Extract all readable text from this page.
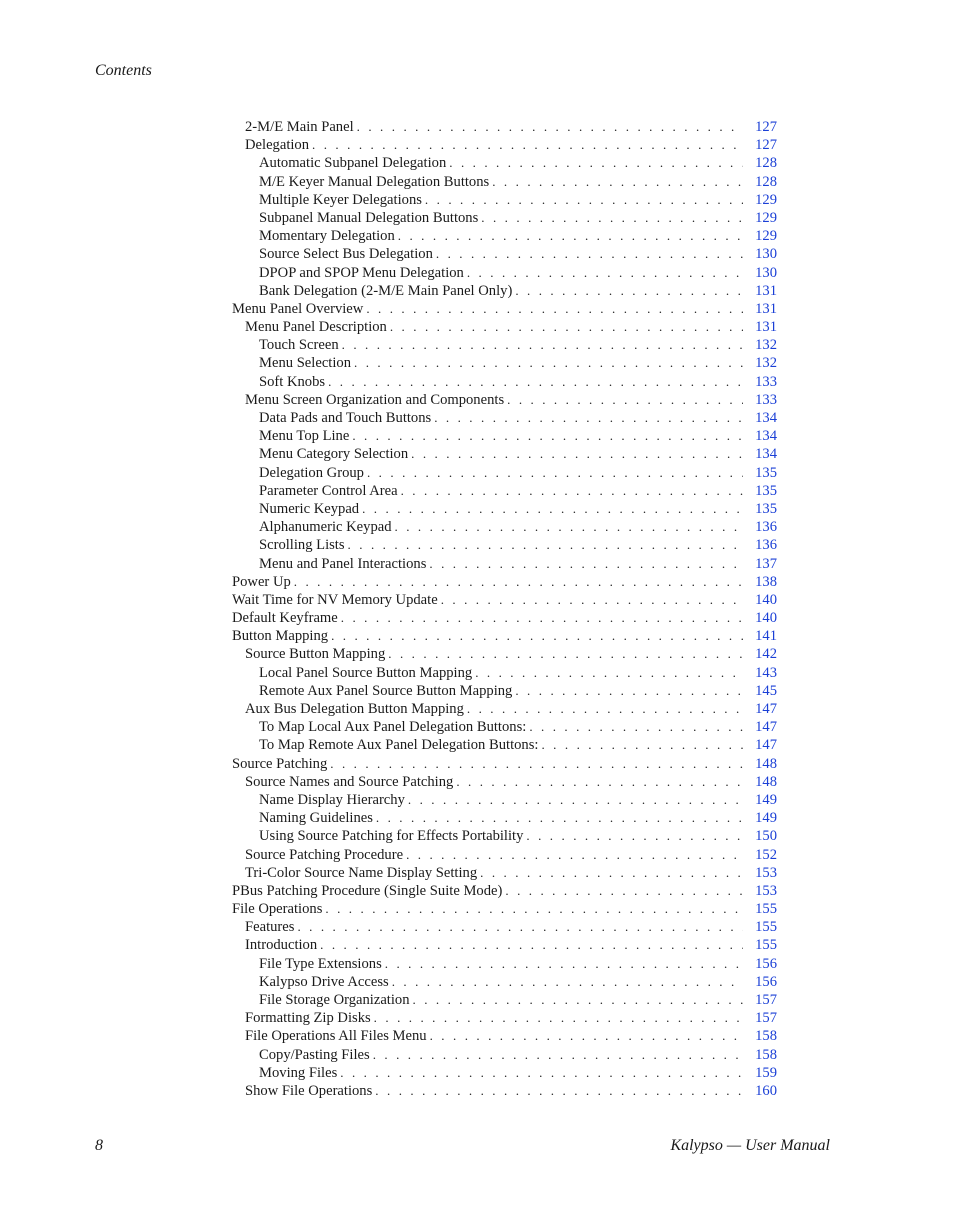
Contents
2-M/E Main Panel . . .	127
Delegation . . .	127
Automatic Subpanel Delegation . . .	128
M/E Keyer Manual Delegation Buttons . . .	128
Multiple Keyer Delegations . . .	129
Subpanel Manual Delegation Buttons . . .	129
Momentary Delegation . . .	129
Source Select Bus Delegation . . .	130
DPOP and SPOP Menu Delegation . . .	130
Bank Delegation (2-M/E Main Panel Only) . . .	131
Menu Panel Overview . . .	131
Menu Panel Description . . .	131
Touch Screen . . .	132
Menu Selection . . .	132
Soft Knobs . . .	133
Menu Screen Organization and Components . . .	133
Data Pads and Touch Buttons . . .	134
Menu Top Line . . .	134
Menu Category Selection . . .	134
Delegation Group . . .	135
Parameter Control Area . . .	135
Numeric Keypad . . .	135
Alphanumeric Keypad . . .	136
Scrolling Lists . . .	136
Menu and Panel Interactions . . .	137
Power Up . . .	138
Wait Time for NV Memory Update . . .	140
Default Keyframe . . .	140
Button Mapping . . .	141
Source Button Mapping . . .	142
Local Panel Source Button Mapping . . .	143
Remote Aux Panel Source Button Mapping . . .	145
Aux Bus Delegation Button Mapping . . .	147
To Map Local Aux Panel Delegation Buttons: . . .	147
To Map Remote Aux Panel Delegation Buttons: . . .	147
Source Patching . . .	148
Source Names and Source Patching . . .	148
Name Display Hierarchy . . .	149
Naming Guidelines . . .	149
Using Source Patching for Effects Portability . . .	150
Source Patching Procedure . . .	152
Tri-Color Source Name Display Setting . . .	153
PBus Patching Procedure (Single Suite Mode) . . .	153
File Operations . . .	155
Features . . .	155
Introduction . . .	155
File Type Extensions . . .	156
Kalypso Drive Access . . .	156
File Storage Organization . . .	157
Formatting Zip Disks . . .	157
File Operations All Files Menu . . .	158
Copy/Pasting Files . . .	158
Moving Files . . .	159
Show File Operations . . .	160
8	Kalypso — User Manual
